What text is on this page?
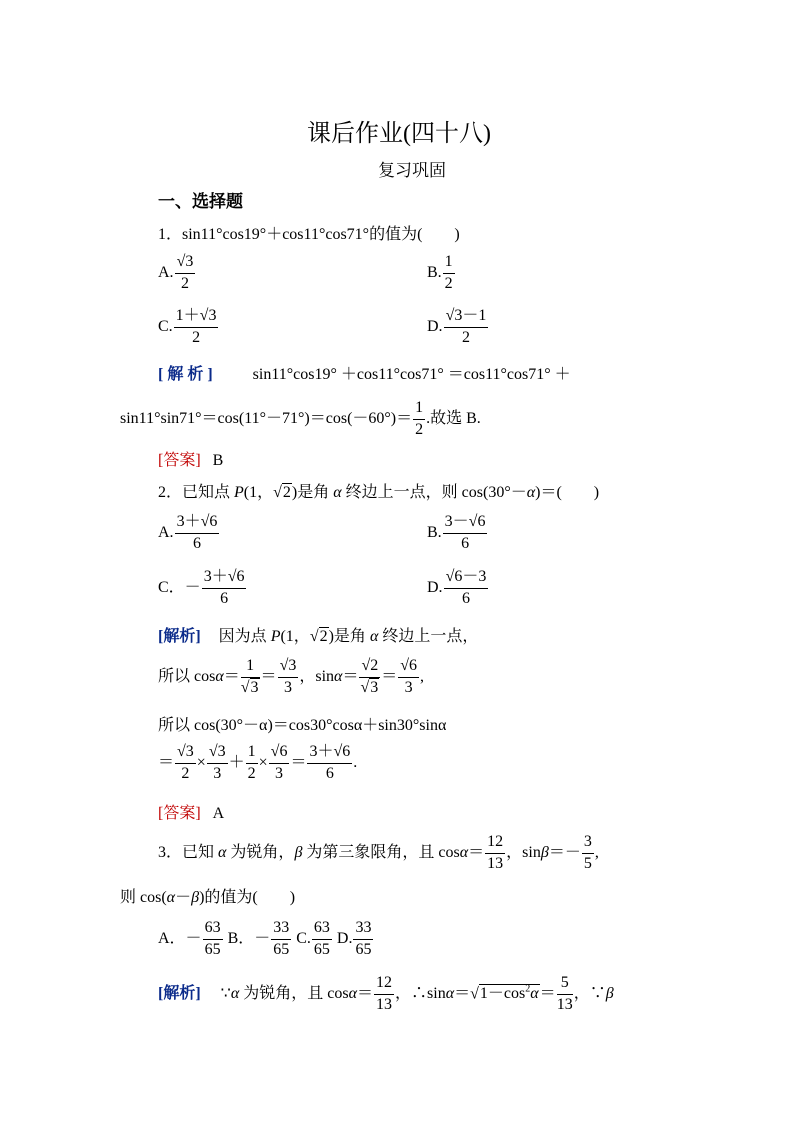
课后作业(四十八)
复习巩固
一、选择题
1．sin11°cos19°＋cos11°cos71°的值为(　　)
A. $\frac{√3}{2}$	B. $\frac{1}{2}$
C. $\frac{1+√3}{2}$	D. $\frac{√3-1}{2}$
[ 解 析 ]	sin11°cos19° ＋cos11°cos71° ＝cos11°cos71° ＋
$\sin 11^\circ\sin 71^\circ=\cos(11^\circ-71^\circ)=\cos(-60^\circ)= \frac{1}{2}$ .故选 B.
[答案] B
2．已知点 P(1，√2)是角 α 终边上一点，则 cos(30°－α)＝(　　)
A. $\frac{3+√6}{6}$	B. $\frac{3-√6}{6}$
C．－ $\frac{3+√6}{6}$	D. $\frac{√6-3}{6}$
[解析] 因为点 P(1，√2)是角 α 终边上一点，
所以 $\cos\alpha= \frac{1}{√3} = \frac{√3}{3}$ ，$\sin\alpha= \frac{√2}{√3} = \frac{√6}{3}$ ,
所以 cos(30°－α)＝cos30°cosα＋sin30°sinα
＝ $\frac{√3}{2} \times \frac{√3}{3} + \frac{1}{2} \times \frac{√6}{3} = \frac{3+√6}{6}$ .
[答案] A
3．已知 α 为锐角，β 为第三象限角，且 $\cos\alpha= \frac{12}{13}$ ，$\sin\beta=- \frac{3}{5}$ ,
则 cos(α－β)的值为(　　)
A．－ $\frac{63}{65}$ B．－ $\frac{33}{65} C$. $\frac{63}{65} D$. $\frac{33}{65}$
[解析] ∵α 为锐角，且 $\cos\alpha= \frac{12}{13}$ ，$\therefore\sin\alpha=√1-\cos^2\alpha= \frac{5}{13}$ ，∵β
